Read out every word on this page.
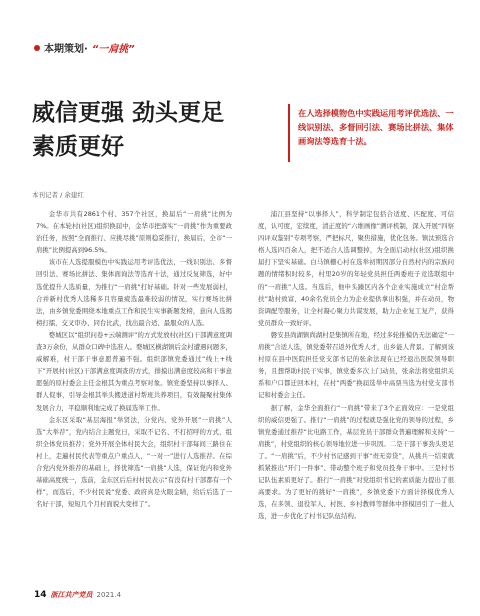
本期策划· “一肩挑”
威信更强 劲头更足
素质更好
本刊记者 / 余建红
在人选择模物色中实践运用考评优选法、一线识别法、多督回引法、赛场比拼法、集体画询法等选育十法。

金华市共有2861个村、357个社区，换届后“一肩挑”比例为7%。在本轮村(社区)组织换届中，金华市把落实“一肩挑”作为重要政治任务，按照“全面推行、应挑尽挑”原则稳妥推行，换届后，全市“一肩挑”比例提高到96.5%。

该市在人选提服模色中实践运用考评选优法、一线识别法、多督回引法、赛场比拼法、集体面询法等选育十法，通过反复筛选，好中选优提升人选质量，为推行“一肩挑”打好基础。针对一些发展弱村，合并新村优秀人选稀多且容量疲选最难较弱的情况，实行赛场比拼法，由乡镇党委围绕本地重点工作和民生实事新题发榜，意向人选揭榜打擂，交叉审办、同台比武，找出最合适、最服众的人选。

婺城区以“组织问卷+云端测评”的方式发放村(社区)干部满意度调查3万余份，从群众口碑中选准人。婺城区横湖镇后金村遭遇问题多，威解难，村干部干事意愿普遍不强。组织部镇党委通过“线上+线下”开展村(社区)干部满意度调查的方式，排摸出满意度较高和干事意愿强的原村委会主任金根其为重点考察对象。镇党委坚持以事择人、群人促事，引导金根其举头搬进道村帮班共养项目，有效凝聚村集体发展合力，平稳顺利地完成了换届选举工作。

金东区采取“基层海报”举贤法，分党内、党外开展“一肩挑”人选“大举荐”，党内结合主题党日，采取不记名、不打招呼的方式，组织全体党员推荐；党外开展全体村民大会，组织村干部每间三路住在村上，走遍村民代表等重点户重点人，“一对一”进行人选推荐。在综合党内党外推荐的基础上，择优筛选“一肩挑”人选，保证党内和党外基础高度统一，选前，金东区后后村村民表示“有没有村干部都有一个样”，而选后，不少村民说“党委、政府真是火眼金睛，给后后选了一名好干部，短短几个月村面貌大变样了”。

浦江县坚持“以事择人”，科学制定包括合适度、匹配度、可信度，认可度，宏续度，清正度的“六维画像”测评机制，深入开展“四察四评双鉴别”专项考察，严把标尺，聚焦措施，优化包务。镇汰预选合格人选四百余人，把不适合人选调整掉，为全面启动村(社区)组织换届打下坚实基础。白马镇栅心村在选举初期因部分自然村内的宗族问题的情绪积时较多，村里20岁的年轻党员担任两委班子竞选联组中的“一肩挑”人选。当选后，他申头躁区内各个企业实施成立“村企帮扶”助村致富，40余名党员全力为企业提供拿出积强，并在动员，物资调配等服务，让全村凝心聚力共谋发展，助力企业复工复产，获得党员群众一致好评。

磐安县尚湖镇尚湖村是集镇所在地，经过多轮推模仍无法确定“一肩挑”合适人选，镇党委带召返外优秀人才，出乡能人背景。了解到该村原在县中医院担任党支部书记的张余法现在已经退出医院领导职务，且想帮助村民干实事，镇党委多次上门动员，张余法将党组织关系和户口都迁回本村，在村“两委”换届选举中高票当选为村党支部书记和村委会主任。

据了解，金华全面推行“一肩挑”带来了3个正面效应：一是党组织的威信更强了。推行“一肩挑”的过程就是强化党的领导的过程，乡镇党委通过推荐“比电路工作，基层党员干部群众普遍理解和支持“一肩挑”，村党组织的核心领导地位进一步巩固。二是干部干事劲头更足了。“一肩挑”后，不少村书记感到干事“责无旁贷”，从挑兵一结束就抓紧推出“开门一件事”、带动整个班子和党员投身干事中。三是村书记队伍素质更好了。推行“一肩挑”对党组织书记的素质能力提出了很高要求。为了更好的挑好“一肩挑”，乡镇党委下方面计择模优秀人选，在多领、退役军人、村医、乡村教师等群体中择模回引了一批人选，进一步优化了村书记队伍结构。

14 浙江共产党员 2021.4
